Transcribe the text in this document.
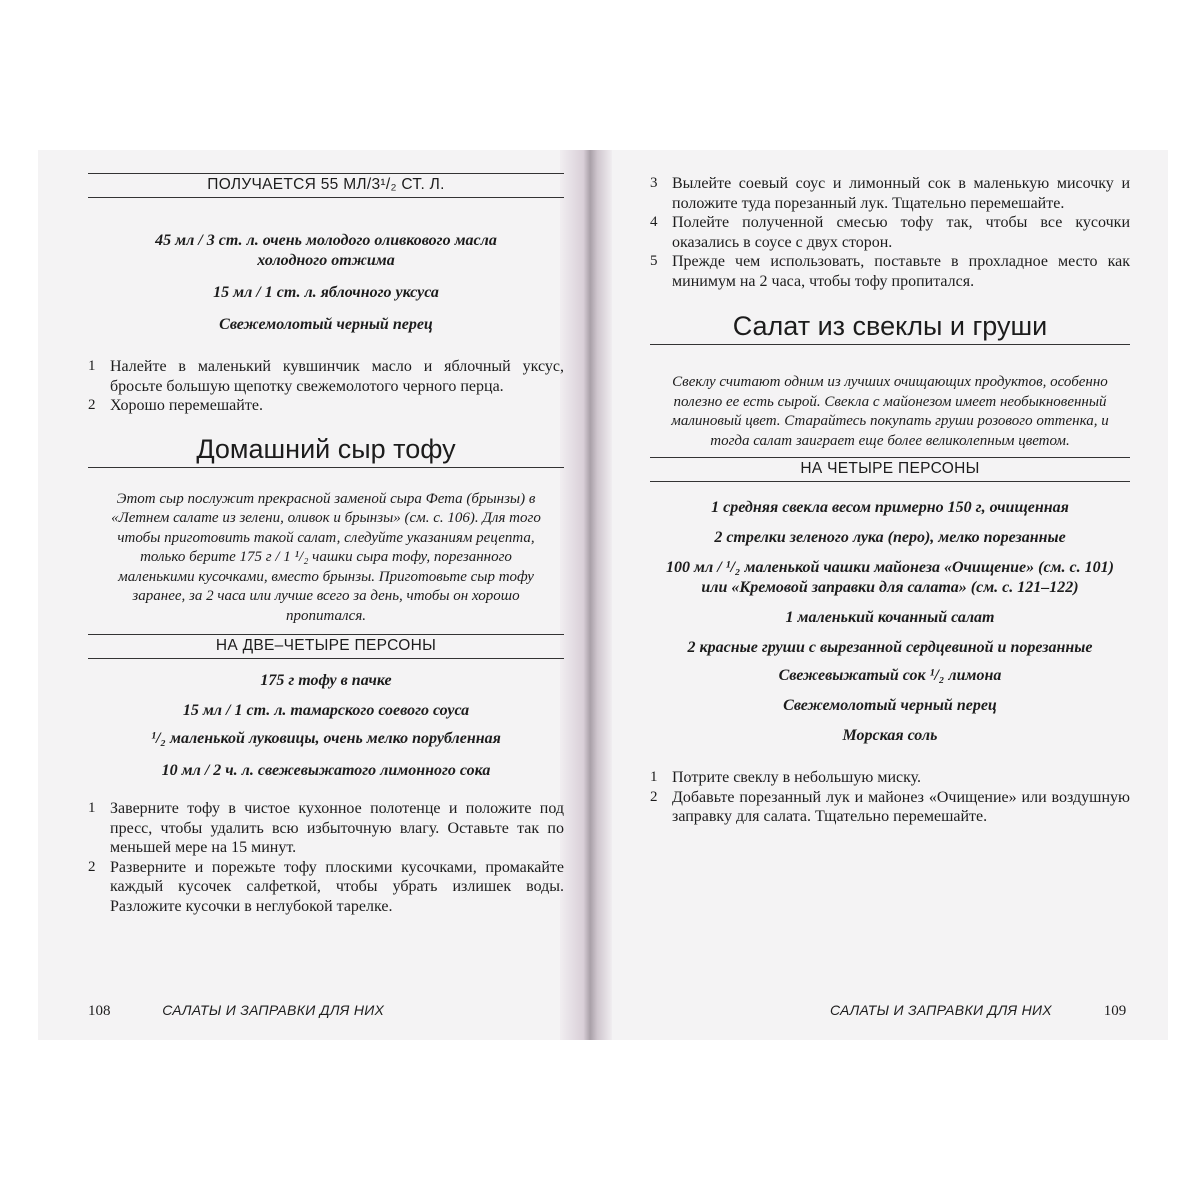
ПОЛУЧАЕТСЯ 55 МЛ/3¹/₂ СТ. Л.
45 мл / 3 ст. л. очень молодого оливкового масла холодного отжима
15 мл / 1 ст. л. яблочного уксуса
Свежемолотый черный перец
1 Налейте в маленький кувшинчик масло и яблочный уксус, бросьте большую щепотку свежемолотого черного перца.
2 Хорошо перемешайте.
Домашний сыр тофу
Этот сыр послужит прекрасной заменой сыра Фета (брынзы) в «Летнем салате из зелени, оливок и брынзы» (см. с. 106). Для того чтобы приготовить такой салат, следуйте указаниям рецепта, только берите 175 г / 1 ¹/₂ чашки сыра тофу, порезанного маленькими кусочками, вместо брынзы. Приготовьте сыр тофу заранее, за 2 часа или лучше всего за день, чтобы он хорошо пропитался.
НА ДВЕ–ЧЕТЫРЕ ПЕРСОНЫ
175 г тофу в пачке
15 мл / 1 ст. л. тамарского соевого соуса
¹/₂ маленькой луковицы, очень мелко порубленная
10 мл / 2 ч. л. свежевыжатого лимонного сока
1 Заверните тофу в чистое кухонное полотенце и положите под пресс, чтобы удалить всю избыточную влагу. Оставьте так по меньшей мере на 15 минут.
2 Разверните и порежьте тофу плоскими кусочками, промакайте каждый кусочек салфеткой, чтобы убрать излишек воды. Разложите кусочки в неглубокой тарелке.
108	САЛАТЫ И ЗАПРАВКИ ДЛЯ НИХ
3 Вылейте соевый соус и лимонный сок в маленькую мисочку и положите туда порезанный лук. Тщательно перемешайте.
4 Полейте полученной смесью тофу так, чтобы все кусочки оказались в соусе с двух сторон.
5 Прежде чем использовать, поставьте в прохладное место как минимум на 2 часа, чтобы тофу пропитался.
Салат из свеклы и груши
Свеклу считают одним из лучших очищающих продуктов, особенно полезно ее есть сырой. Свекла с майонезом имеет необыкновенный малиновый цвет. Старайтесь покупать груши розового оттенка, и тогда салат заиграет еще более великолепным цветом.
НА ЧЕТЫРЕ ПЕРСОНЫ
1 средняя свекла весом примерно 150 г, очищенная
2 стрелки зеленого лука (перо), мелко порезанные
100 мл / ¹/₂ маленькой чашки майонеза «Очищение» (см. с. 101) или «Кремовой заправки для салата» (см. с. 121–122)
1 маленький кочанный салат
2 красные груши с вырезанной сердцевиной и порезанные
Свежевыжатый сок ¹/₂ лимона
Свежемолотый черный перец
Морская соль
1 Потрите свеклу в небольшую миску.
2 Добавьте порезанный лук и майонез «Очищение» или воздушную заправку для салата. Тщательно перемешайте.
САЛАТЫ И ЗАПРАВКИ ДЛЯ НИХ	109
